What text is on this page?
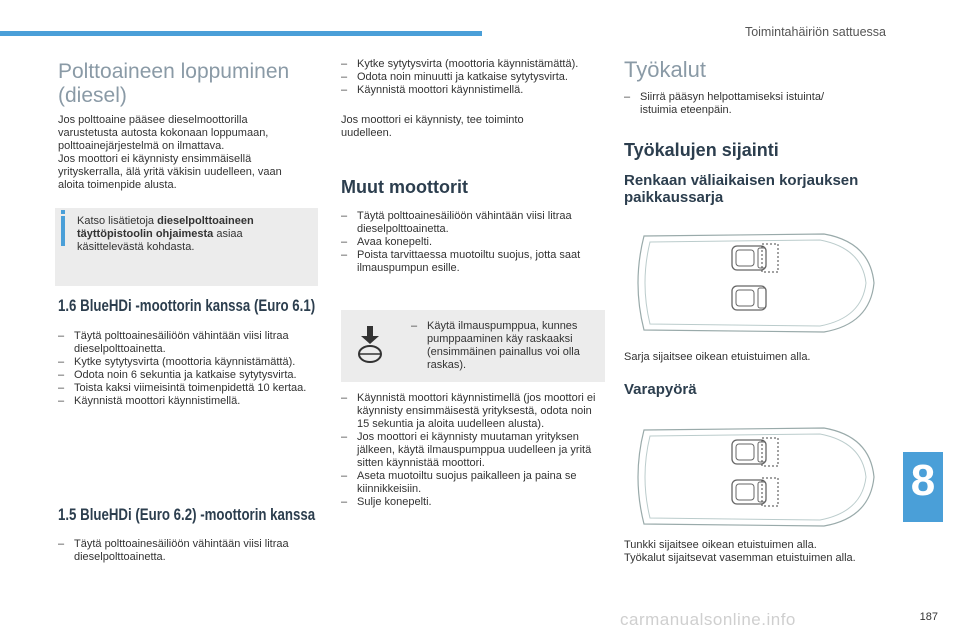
Toimintahäiriön sattuessa
Polttoaineen loppuminen
(diesel)
Jos polttoaine pääsee dieselmoottorilla
varustetusta autosta kokonaan loppumaan,
polttoainejärjestelmä on ilmattava.
Jos moottori ei käynnisty ensimmäisellä
yrityskerralla, älä yritä väkisin uudelleen, vaan
aloita toimenpide alusta.
Katso lisätietoja dieselpolttoaineen täyttöpistoolin ohjaimesta asiaa käsittelevästä kohdasta.
1.6 BlueHDi -moottorin kanssa (Euro 6.1)
– Täytä polttoainesäiliöön vähintään viisi litraa dieselpolttoainetta.
– Kytke sytytysvirta (moottoria käynnistämättä).
– Odota noin 6 sekuntia ja katkaise sytytysvirta.
– Toista kaksi viimeisintä toimenpidettä 10 kertaa.
– Käynnistä moottori käynnistimellä.
1.5 BlueHDi (Euro 6.2) -moottorin kanssa
– Täytä polttoainesäiliöön vähintään viisi litraa dieselpolttoainetta.
– Kytke sytytysvirta (moottoria käynnistämättä).
– Odota noin minuutti ja katkaise sytytysvirta.
– Käynnistä moottori käynnistimellä.
Jos moottori ei käynnisty, tee toiminto uudelleen.
Muut moottorit
– Täytä polttoainesäiliöön vähintään viisi litraa dieselpolttoainetta.
– Avaa konepelti.
– Poista tarvittaessa muotoiltu suojus, jotta saat ilmauspumpun esille.
– Käytä ilmauspumppua, kunnes pumppaaminen käy raskaaksi (ensimmäinen painallus voi olla raskas).
– Käynnistä moottori käynnistimellä (jos moottori ei käynnisty ensimmäisestä yrityksestä, odota noin 15 sekuntia ja aloita uudelleen alusta).
– Jos moottori ei käynnisty muutaman yrityksen jälkeen, käytä ilmauspumppua uudelleen ja yritä sitten käynnistää moottori.
– Aseta muotoiltu suojus paikalleen ja paina se kiinnikkeisiin.
– Sulje konepelti.
Työkalut
– Siirrä pääsyn helpottamiseksi istuinta/ istuimia eteenpäin.
Työkalujen sijainti
Renkaan väliaikaisen korjauksen
paikkaussarja
Sarja sijaitsee oikean etuistuimen alla.
Varapyörä
Tunkki sijaitsee oikean etuistuimen alla.
Työkalut sijaitsevat vasemman etuistuimen alla.
8
carmanualsonline.info	187
